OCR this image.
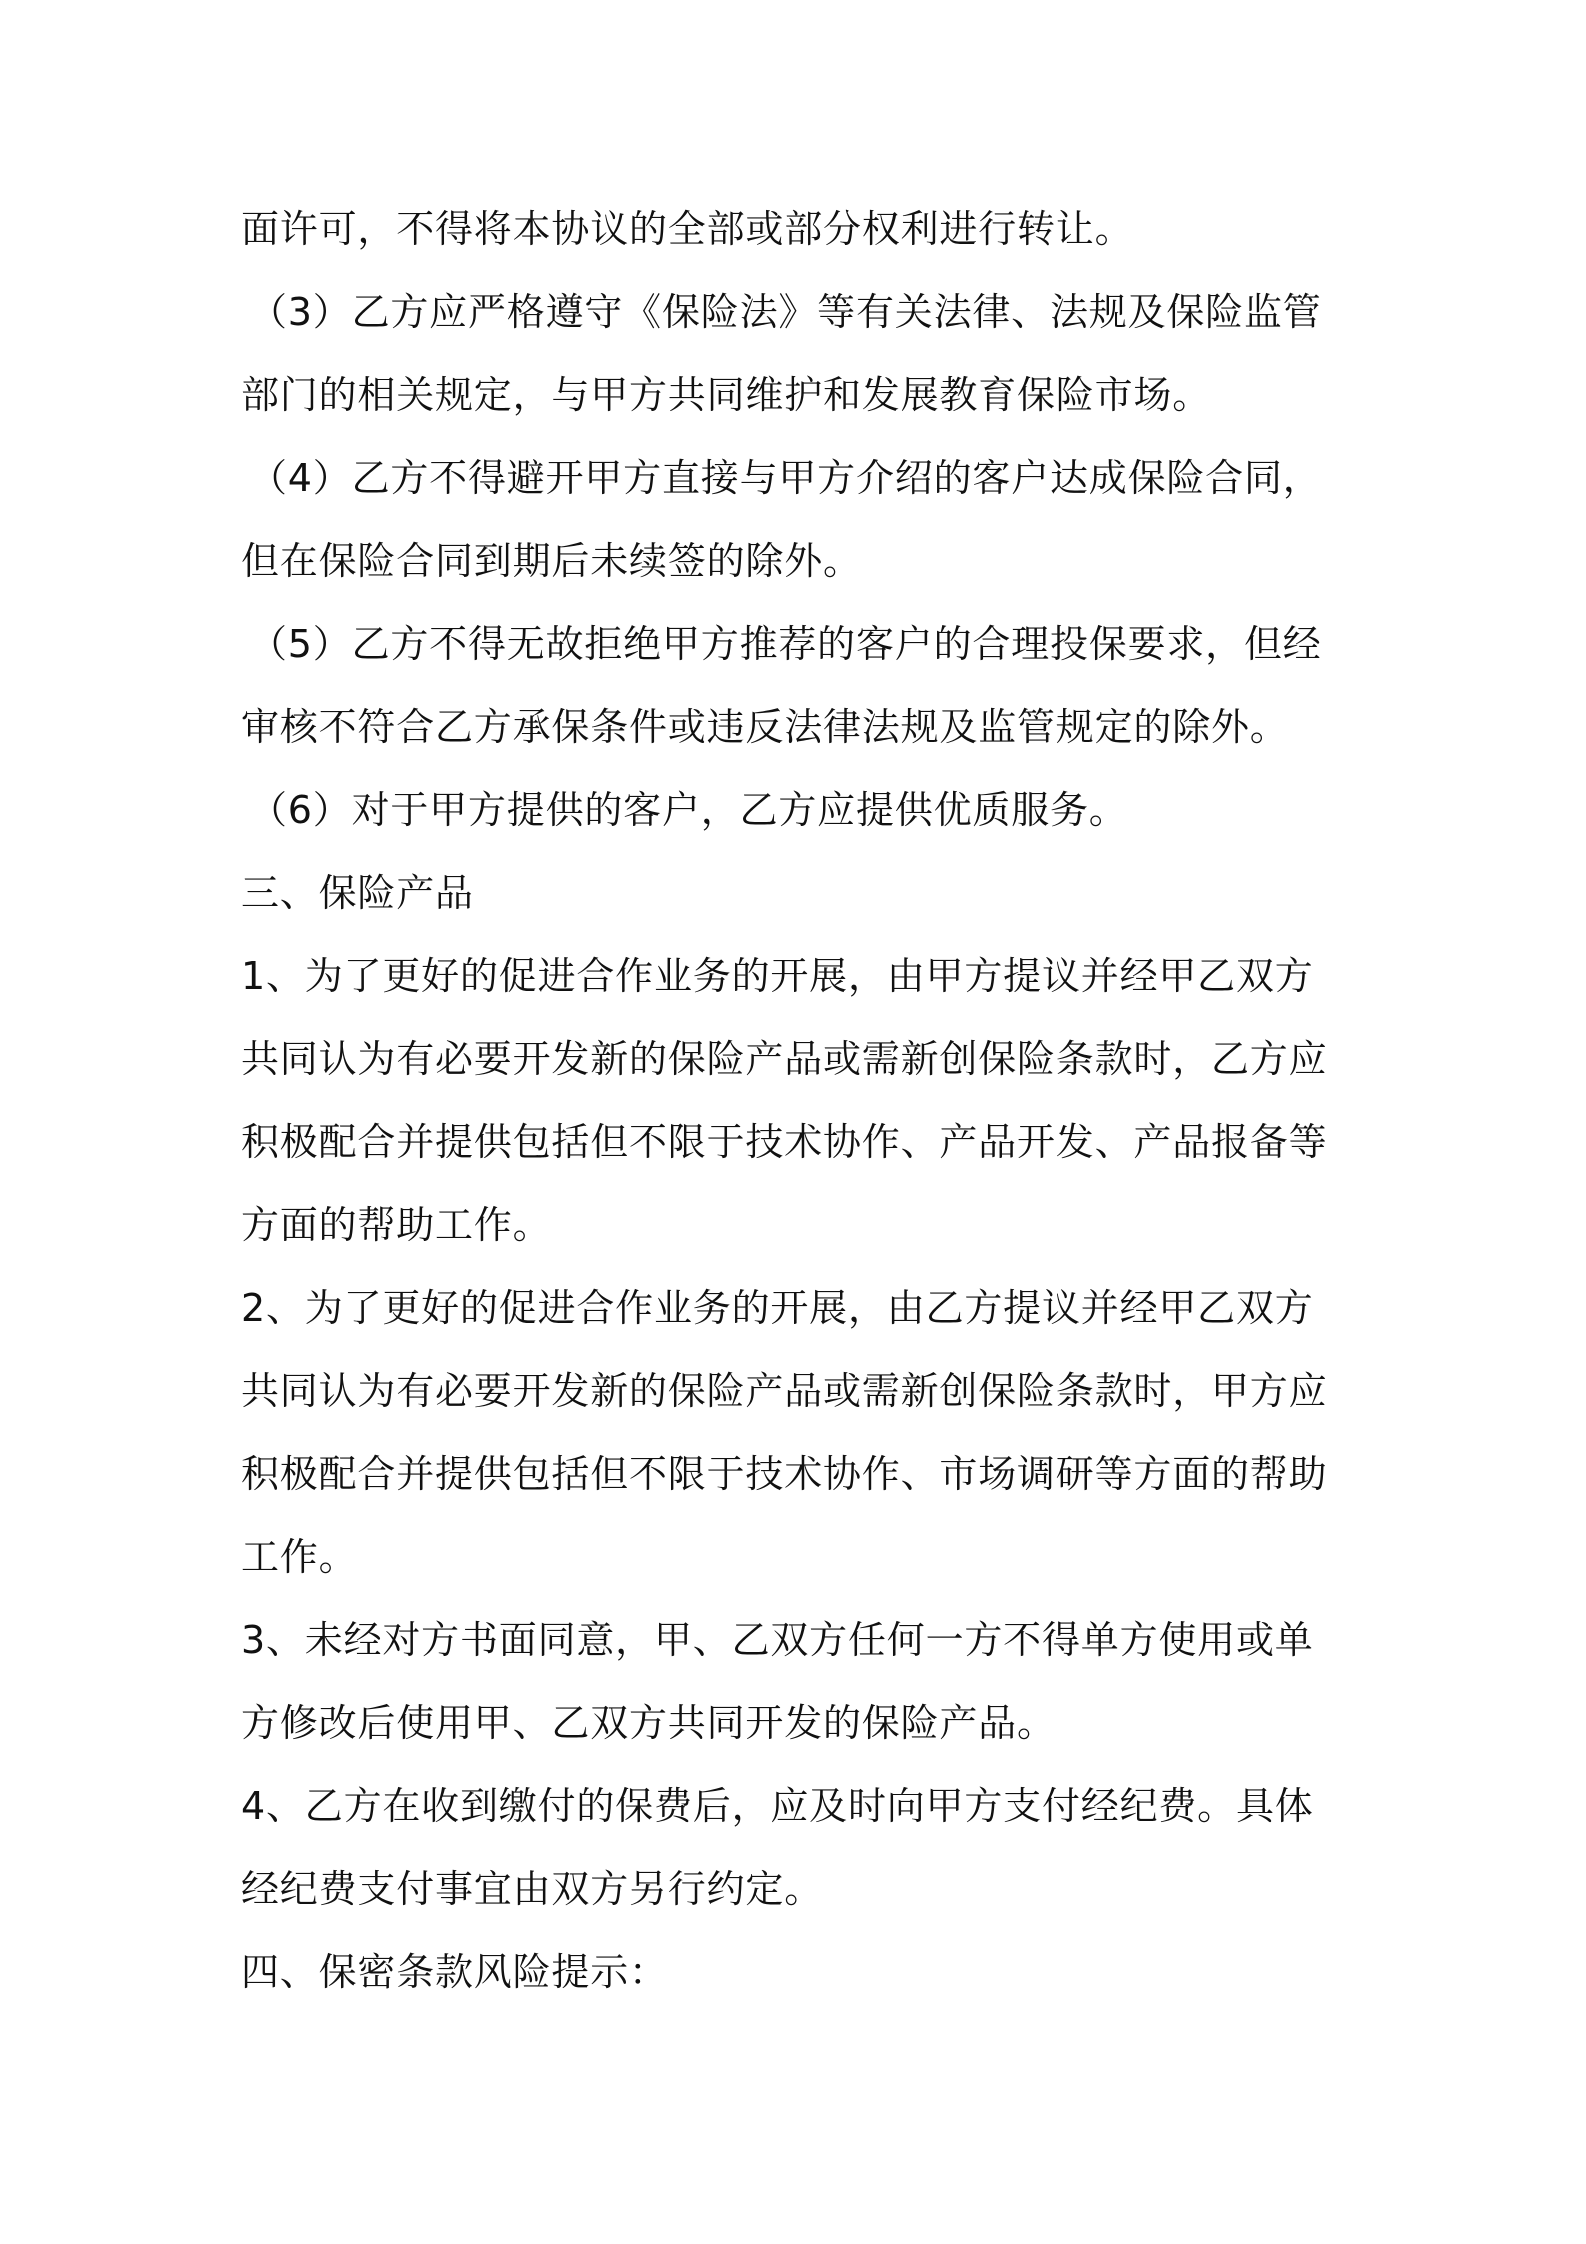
面许可，不得将本协议的全部或部分权利进行转让。
（3）乙方应严格遵守《保险法》等有关法律、法规及保险监管
部门的相关规定，与甲方共同维护和发展教育保险市场。
（4）乙方不得避开甲方直接与甲方介绍的客户达成保险合同，
但在保险合同到期后未续签的除外。
（5）乙方不得无故拒绝甲方推荐的客户的合理投保要求，但经
审核不符合乙方承保条件或违反法律法规及监管规定的除外。
（6）对于甲方提供的客户，乙方应提供优质服务。
三、保险产品
1、为了更好的促进合作业务的开展，由甲方提议并经甲乙双方
共同认为有必要开发新的保险产品或需新创保险条款时，乙方应
积极配合并提供包括但不限于技术协作、产品开发、产品报备等
方面的帮助工作。
2、为了更好的促进合作业务的开展，由乙方提议并经甲乙双方
共同认为有必要开发新的保险产品或需新创保险条款时，甲方应
积极配合并提供包括但不限于技术协作、市场调研等方面的帮助
工作。
3、未经对方书面同意，甲、乙双方任何一方不得单方使用或单
方修改后使用甲、乙双方共同开发的保险产品。
4、乙方在收到缴付的保费后，应及时向甲方支付经纪费。具体
经纪费支付事宜由双方另行约定。
四、保密条款风险提示：
